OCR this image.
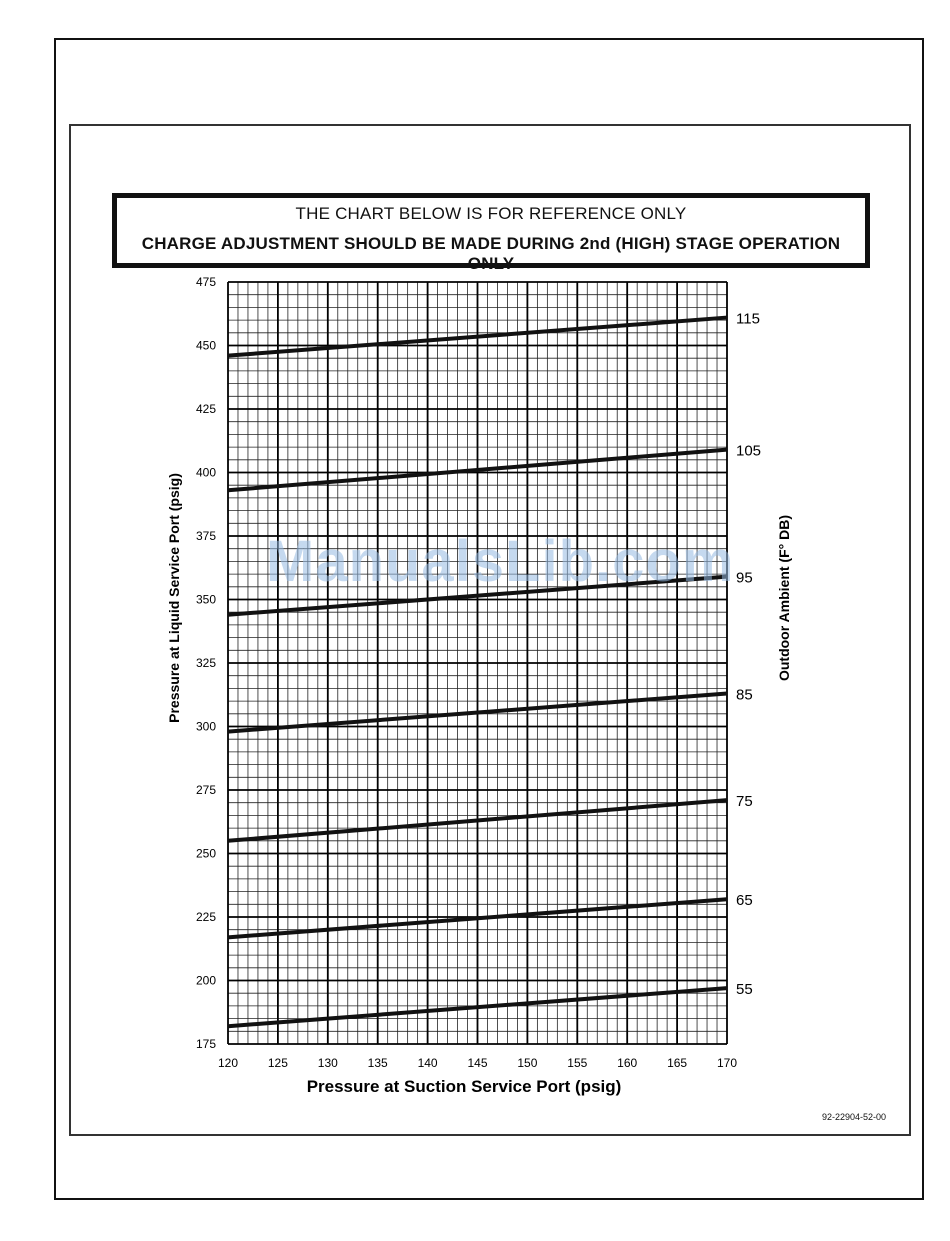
THE CHART BELOW IS FOR REFERENCE ONLY
CHARGE ADJUSTMENT SHOULD BE MADE DURING 2nd (HIGH) STAGE OPERATION ONLY
120 125 130 135 140 145 150 155 160 165 170
175
200
225
250
275
300
325
350
375
400
425
450
475
115
105
95
85
75
65
55
Pressure at Suction Service Port (psig)
Pressure at Liquid Service Port (psig)	Outdoor Ambient (F° DB)
ManualsLib.com
92-22904-52-00
